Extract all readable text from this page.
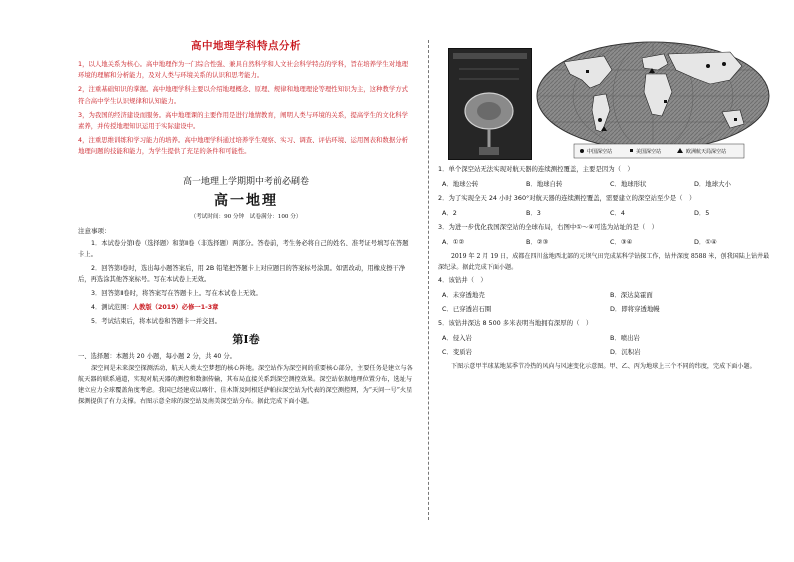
高中地理学科特点分析

1，以人地关系为核心。高中地理作为一门综合性强、兼具自然科学和人文社会科学特点的学科，旨在培养学生对地理环境的理解和分析能力，及对人类与环境关系的认识和思考能力。

2，注重基础知识的掌握。高中地理学科主要以介绍地理概念、原理、规律和地理理论等理性知识为主，这种教学方式符合高中学生认识规律和认知能力。

3，为我国的经济建设而服务。高中地理课的主要作用是进行地情教育，阐明人类与环境的关系，提高学生的文化科学素养，并传授地理知识运用于实际建设中。

4，注重思维训练和学习能力的培养。高中地理学科通过培养学生观察、实习、调查、评估环境、运用图表和数据分析地理问题的技能和能力，为学生提供了充足的条件和可能性。

高一地理上学期期中考前必刷卷
高一地理
（考试时间：90 分钟　试卷满分：100 分）
注意事项：

1．本试卷分第Ⅰ卷（选择题）和第Ⅱ卷（非选择题）两部分。答卷前，考生务必将自己的姓名、准考证号填写在答题卡上。

2．回答第Ⅰ卷时，选出每小题答案后，用 2B 铅笔把答题卡上对应题目的答案标号涂黑。如需改动，用橡皮擦干净后，再选涂其他答案标号。写在本试卷上无效。

3．回答第Ⅱ卷时，将答案写在答题卡上。写在本试卷上无效。

4．测试范围：人教版（2019）必修一1-3章

5．考试结束后，将本试卷和答题卡一并交回。

第Ⅰ卷
一、选择题：本题共 20 小题，每小题 2 分，共 40 分。

深空间是未来深空探测活动，航天人类太空梦想的核心阵地。深空站作为深空间的重要核心部分，主要任务是建立与各航天器的联系通道，实现对航天器的测控和数据传输，其布局直接关系到深空测控效果。深空站依据地理位置分布，选址与建立应力全球覆盖角度考虑。我国已经建成以喀什、佳木斯及阿根廷萨帕拉深空站为代表的深空测控网，为“天问一号”火星探测提供了有力支撑。右图示意全球的深空站及南美深空站分布。据此完成下面小题。

中国深空站	美国深空站	欧洲航天局深空站

1．单个深空站无法实现对航天器的连续测控覆盖，主要是因为（　）

A．地球公转	B．地球自转	C．地球形状	D．地球大小

2．为了实现全天 24 小时 360°对航天器的连续测控覆盖，需要建立的深空站至少是（　）

A．2	B．3	C．4	D．5

3．为进一步优化我国深空站的全球布局，右图中①～④可选为站址的是（　）

A．①②	B．②③	C．③④	D．①④

2019 年 2 月 19 日，成都在四川盆地西北部的元坝气田完成某科学钻探工作，钻井深度 8588 米，创我国陆上钻井最深纪录。据此完成下面小题。

4．该钻井（　）

A．未穿透地壳	B．深达莫霍面
C．已穿透岩石圈	D．即将穿透地幔

5．该钻井深达 8 500 多米表明当地拥有深厚的（　）

A．侵入岩	B．喷出岩
C．变质岩	D．沉积岩

下图示意甲半球某地某季节冷热的风向与风速变化示意图。甲、乙、丙为地球上三个不同的纬度，完成下面小题。
